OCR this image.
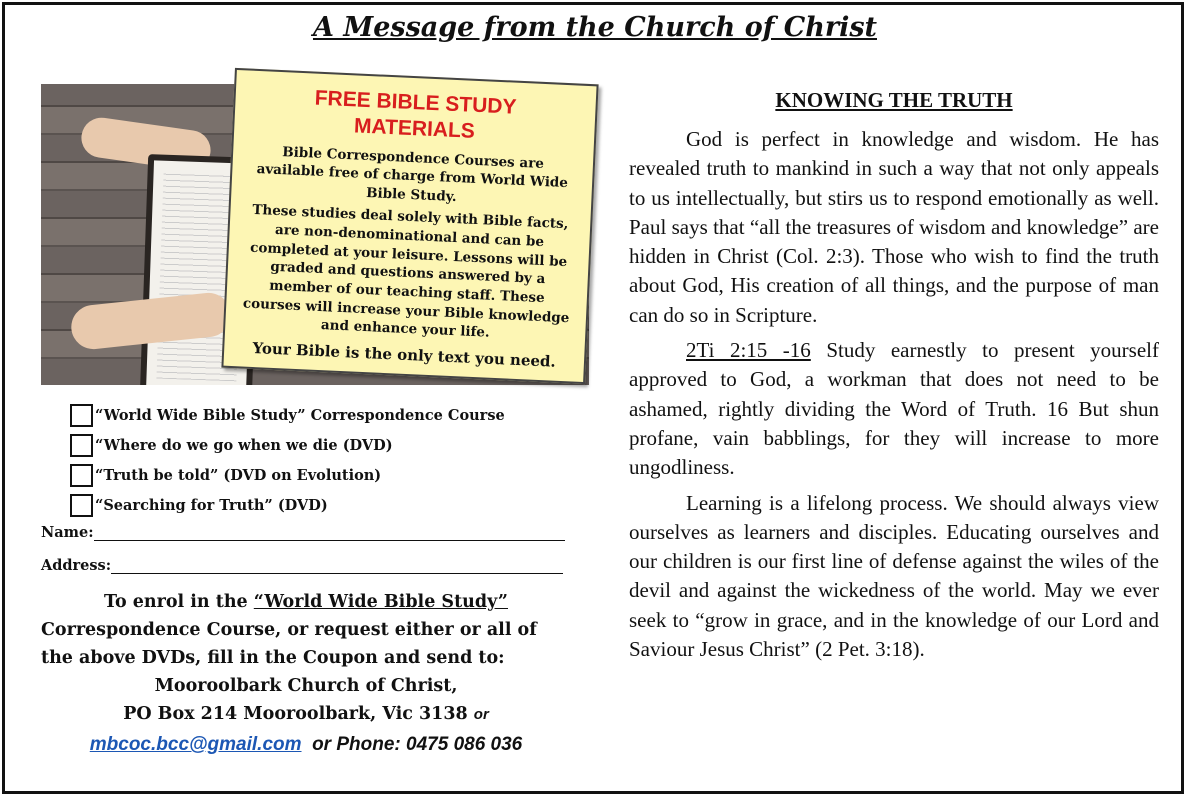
A Message from the Church of Christ
FREE BIBLE STUDY
MATERIALS

Bible Correspondence Courses are available free of charge from World Wide Bible Study.

These studies deal solely with Bible facts, are non-denominational and can be completed at your leisure. Lessons will be graded and questions answered by a member of our teaching staff. These courses will increase your Bible knowledge and enhance your life.

Your Bible is the only text you need.

“World Wide Bible Study” Correspondence Course
“Where do we go when we die (DVD)
“Truth be told” (DVD on Evolution)
“Searching for Truth” (DVD)
Name:
Address:
To enrol in the “World Wide Bible Study”
Correspondence Course, or request either or all of the above DVDs, fill in the Coupon and send to:
Mooroolbark Church of Christ,
PO Box 214 Mooroolbark, Vic 3138 or
mbcoc.bcc@gmail.com or Phone: 0475 086 036
KNOWING THE TRUTH

God is perfect in knowledge and wisdom. He has revealed truth to mankind in such a way that not only appeals to us intellectually, but stirs us to respond emotionally as well. Paul says that “all the treasures of wisdom and knowledge” are hidden in Christ (Col. 2:3). Those who wish to find the truth about God, His creation of all things, and the purpose of man can do so in Scripture.

2Ti 2:15 -16 Study earnestly to present yourself approved to God, a workman that does not need to be ashamed, rightly dividing the Word of Truth. 16 But shun profane, vain babblings, for they will increase to more ungodliness.

Learning is a lifelong process. We should always view ourselves as learners and disciples. Educating ourselves and our children is our first line of defense against the wiles of the devil and against the wickedness of the world. May we ever seek to “grow in grace, and in the knowledge of our Lord and Saviour Jesus Christ” (2 Pet. 3:18).
